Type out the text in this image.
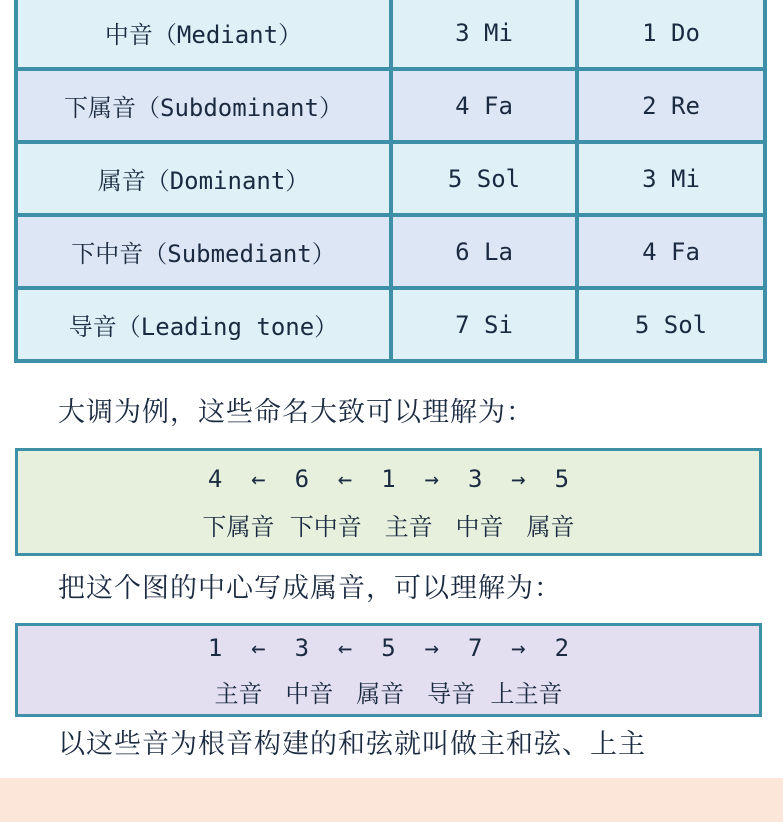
中音（Mediant）	3 Mi	1 Do
下属音（Subdominant）	4 Fa	2 Re
属音（Dominant）	5 Sol	3 Mi
下中音（Submediant）	6 La	4 Fa
导音（Leading tone）	7 Si	5 Sol
大调为例，这些命名大致可以理解为：
4  ←  6  ←  1  →  3  →  5
下属音  下中音   主音   中音   属音
把这个图的中心写成属音，可以理解为：
1  ←  3  ←  5  →  7  →  2
主音   中音   属音   导音  上主音
以这些音为根音构建的和弦就叫做主和弦、上主
